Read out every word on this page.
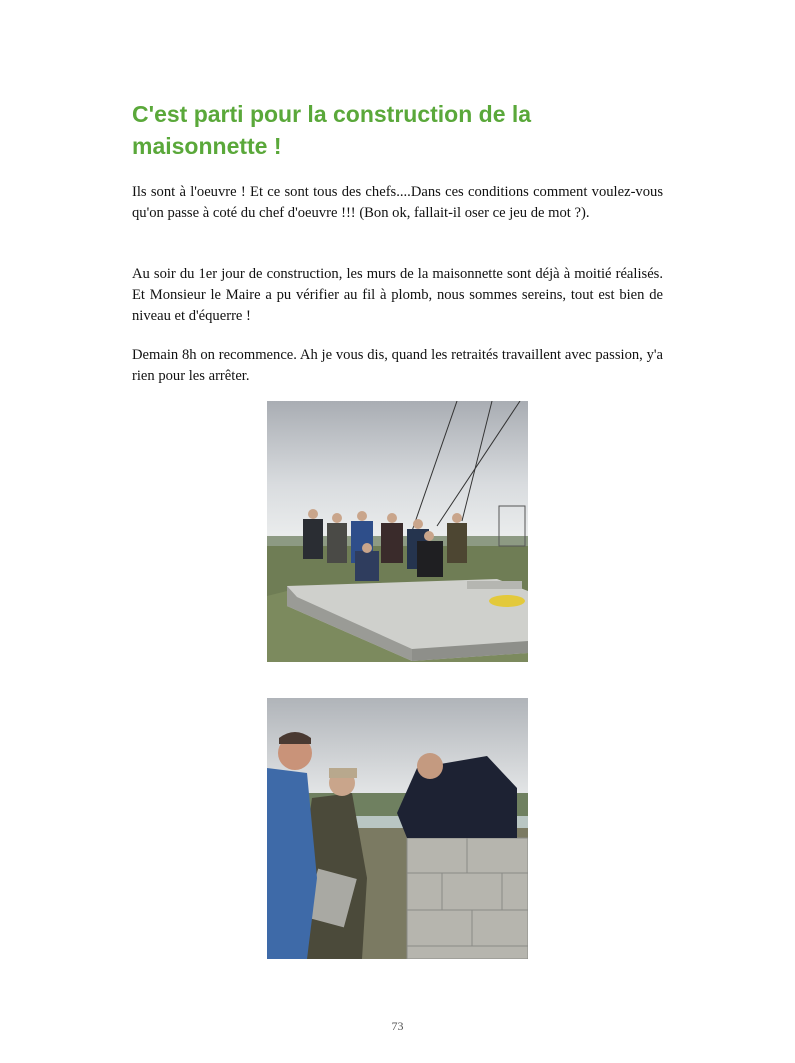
C'est parti pour la construction de la maisonnette !

Ils sont à l'oeuvre ! Et ce sont tous des chefs....Dans ces conditions comment voulez-vous qu'on passe à coté du chef d'oeuvre !!! (Bon ok, fallait-il oser ce jeu de mot ?).

Au soir du 1er jour de construction, les murs de la maisonnette sont déjà à moitié réalisés. Et Monsieur le Maire a pu vérifier au fil à plomb, nous sommes sereins, tout est bien de niveau et d'équerre !

Demain 8h on recommence. Ah je vous dis, quand les retraités travaillent avec passion, y'a rien pour les arrêter.

73
